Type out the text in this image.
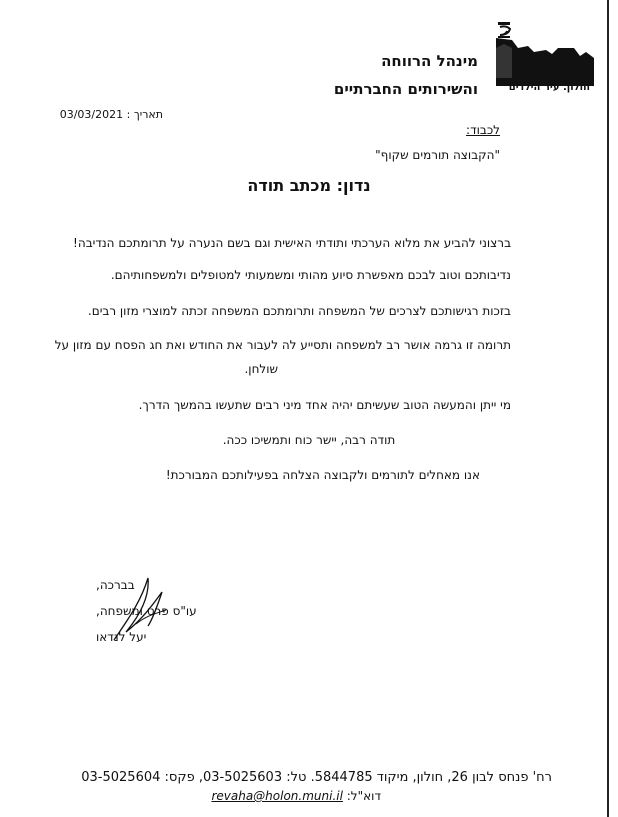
חולון. עיר הילדים
מינהל הרווחה
והשירותים החברתיים
תאריך : 03/03/2021
לכבוד:
"הקבוצה תורמים שקוף"
נדון: מכתב תודה
ברצוני להביע את מלוא הערכתי ותודתי האישית וגם בשם הנערה על תרומתכם הנדיבה!
נדיבותכם וטוב לבכם מאפשרת סיוע מהותי ומשמעותי למטופלים ולמשפחותיהם.
בזכות רגישותכם לצרכים של המשפחה ותרומתכם המשפחה זכתה למוצרי מזון רבים.
תרומה זו גרמה אושר רב למשפחה ותסייע לה לעבור את החודש ואת חג הפסח עם מזון על
שולחן.
מי ייתן והמעשה הטוב שעשיתם יהיה אחד מיני רבים שתעשו בהמשך הדרך.
תודה רבה, יישר כוח ותמשיכו ככה.
אנו מאחלים לתורמים ולקבוצה הצלחה בפעילותכם המבורכת!
בברכה,
עו"ס פרט ומשפחה,
יעל לנדאו
רח' פנחס לבון 26, חולון, מיקוד 5844785. טל: 03-5025603, פקס: 03-5025604
דוא"ל: revaha@holon.muni.il
